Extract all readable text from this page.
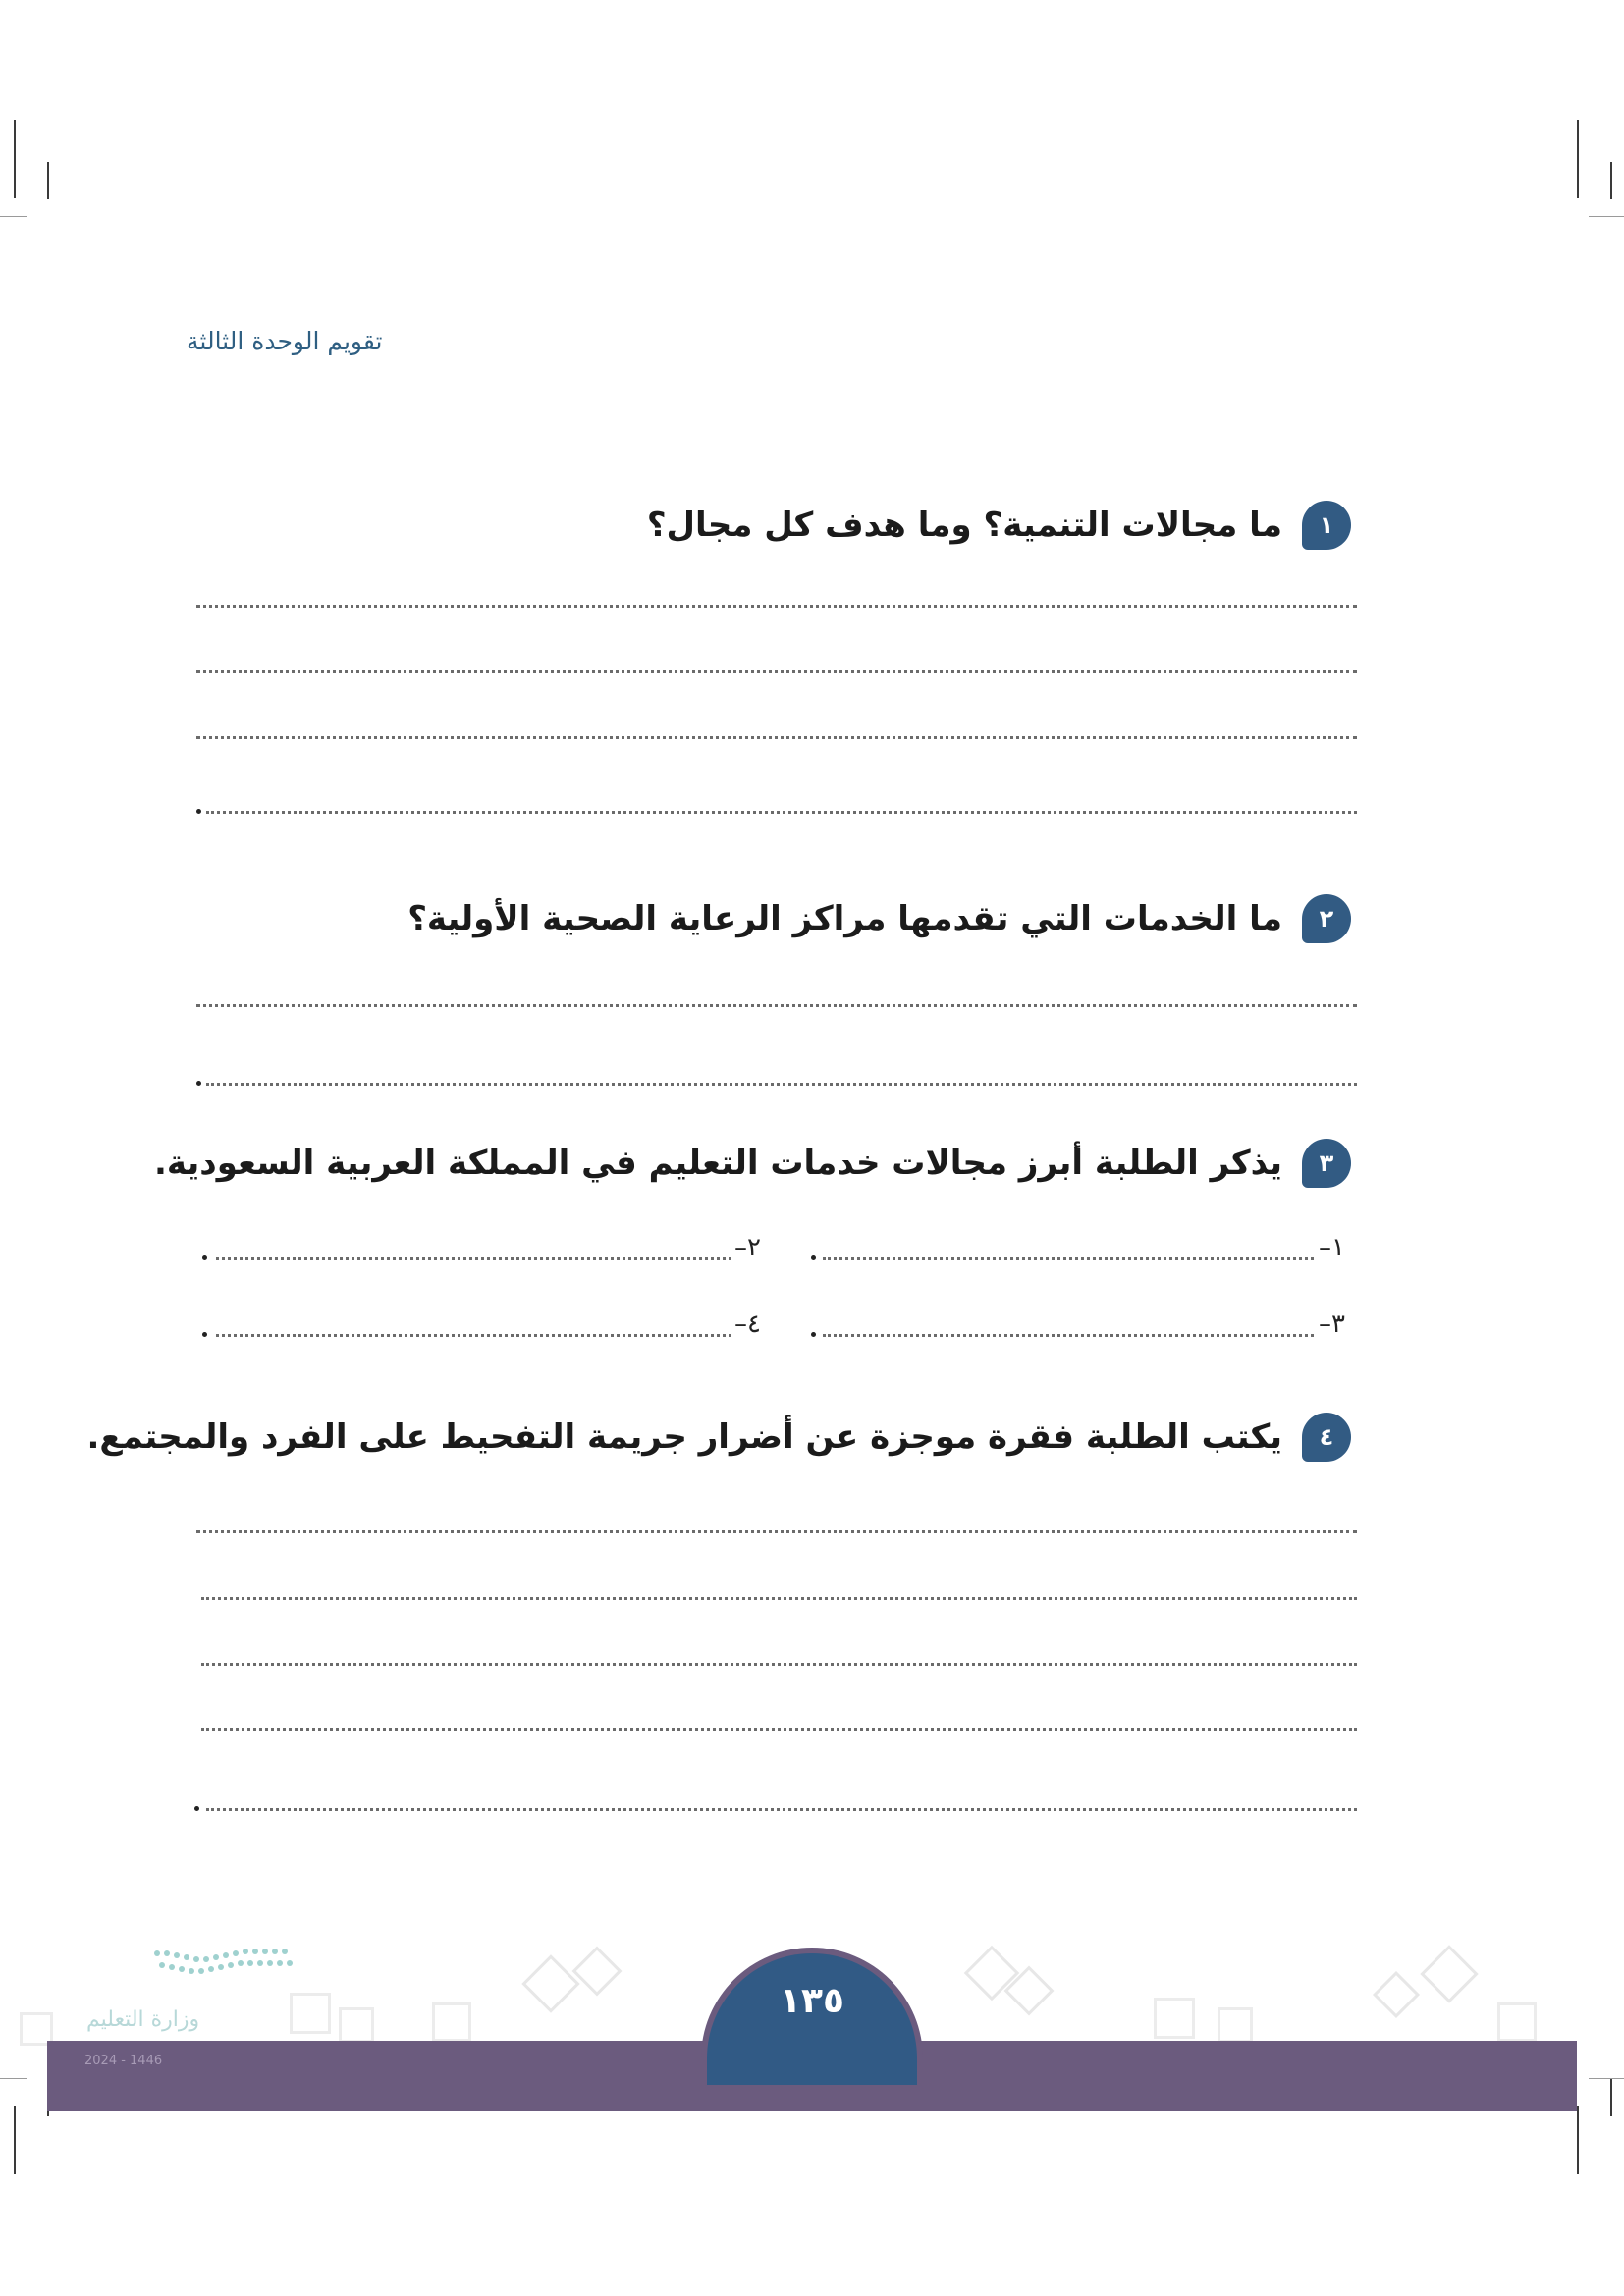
تقويم الوحدة الثالثة
١
ما مجالات التنمية؟ وما هدف كل مجال؟
٢
ما الخدمات التي تقدمها مراكز الرعاية الصحية الأولية؟
٣
يذكر الطلبة أبرز مجالات خدمات التعليم في المملكة العربية السعودية.
١–
٢–
٣–
٤–
٤
يكتب الطلبة فقرة موجزة عن أضرار جريمة التفحيط على الفرد والمجتمع.
وزارة التعليم	١٣٥
2024 - 1446
